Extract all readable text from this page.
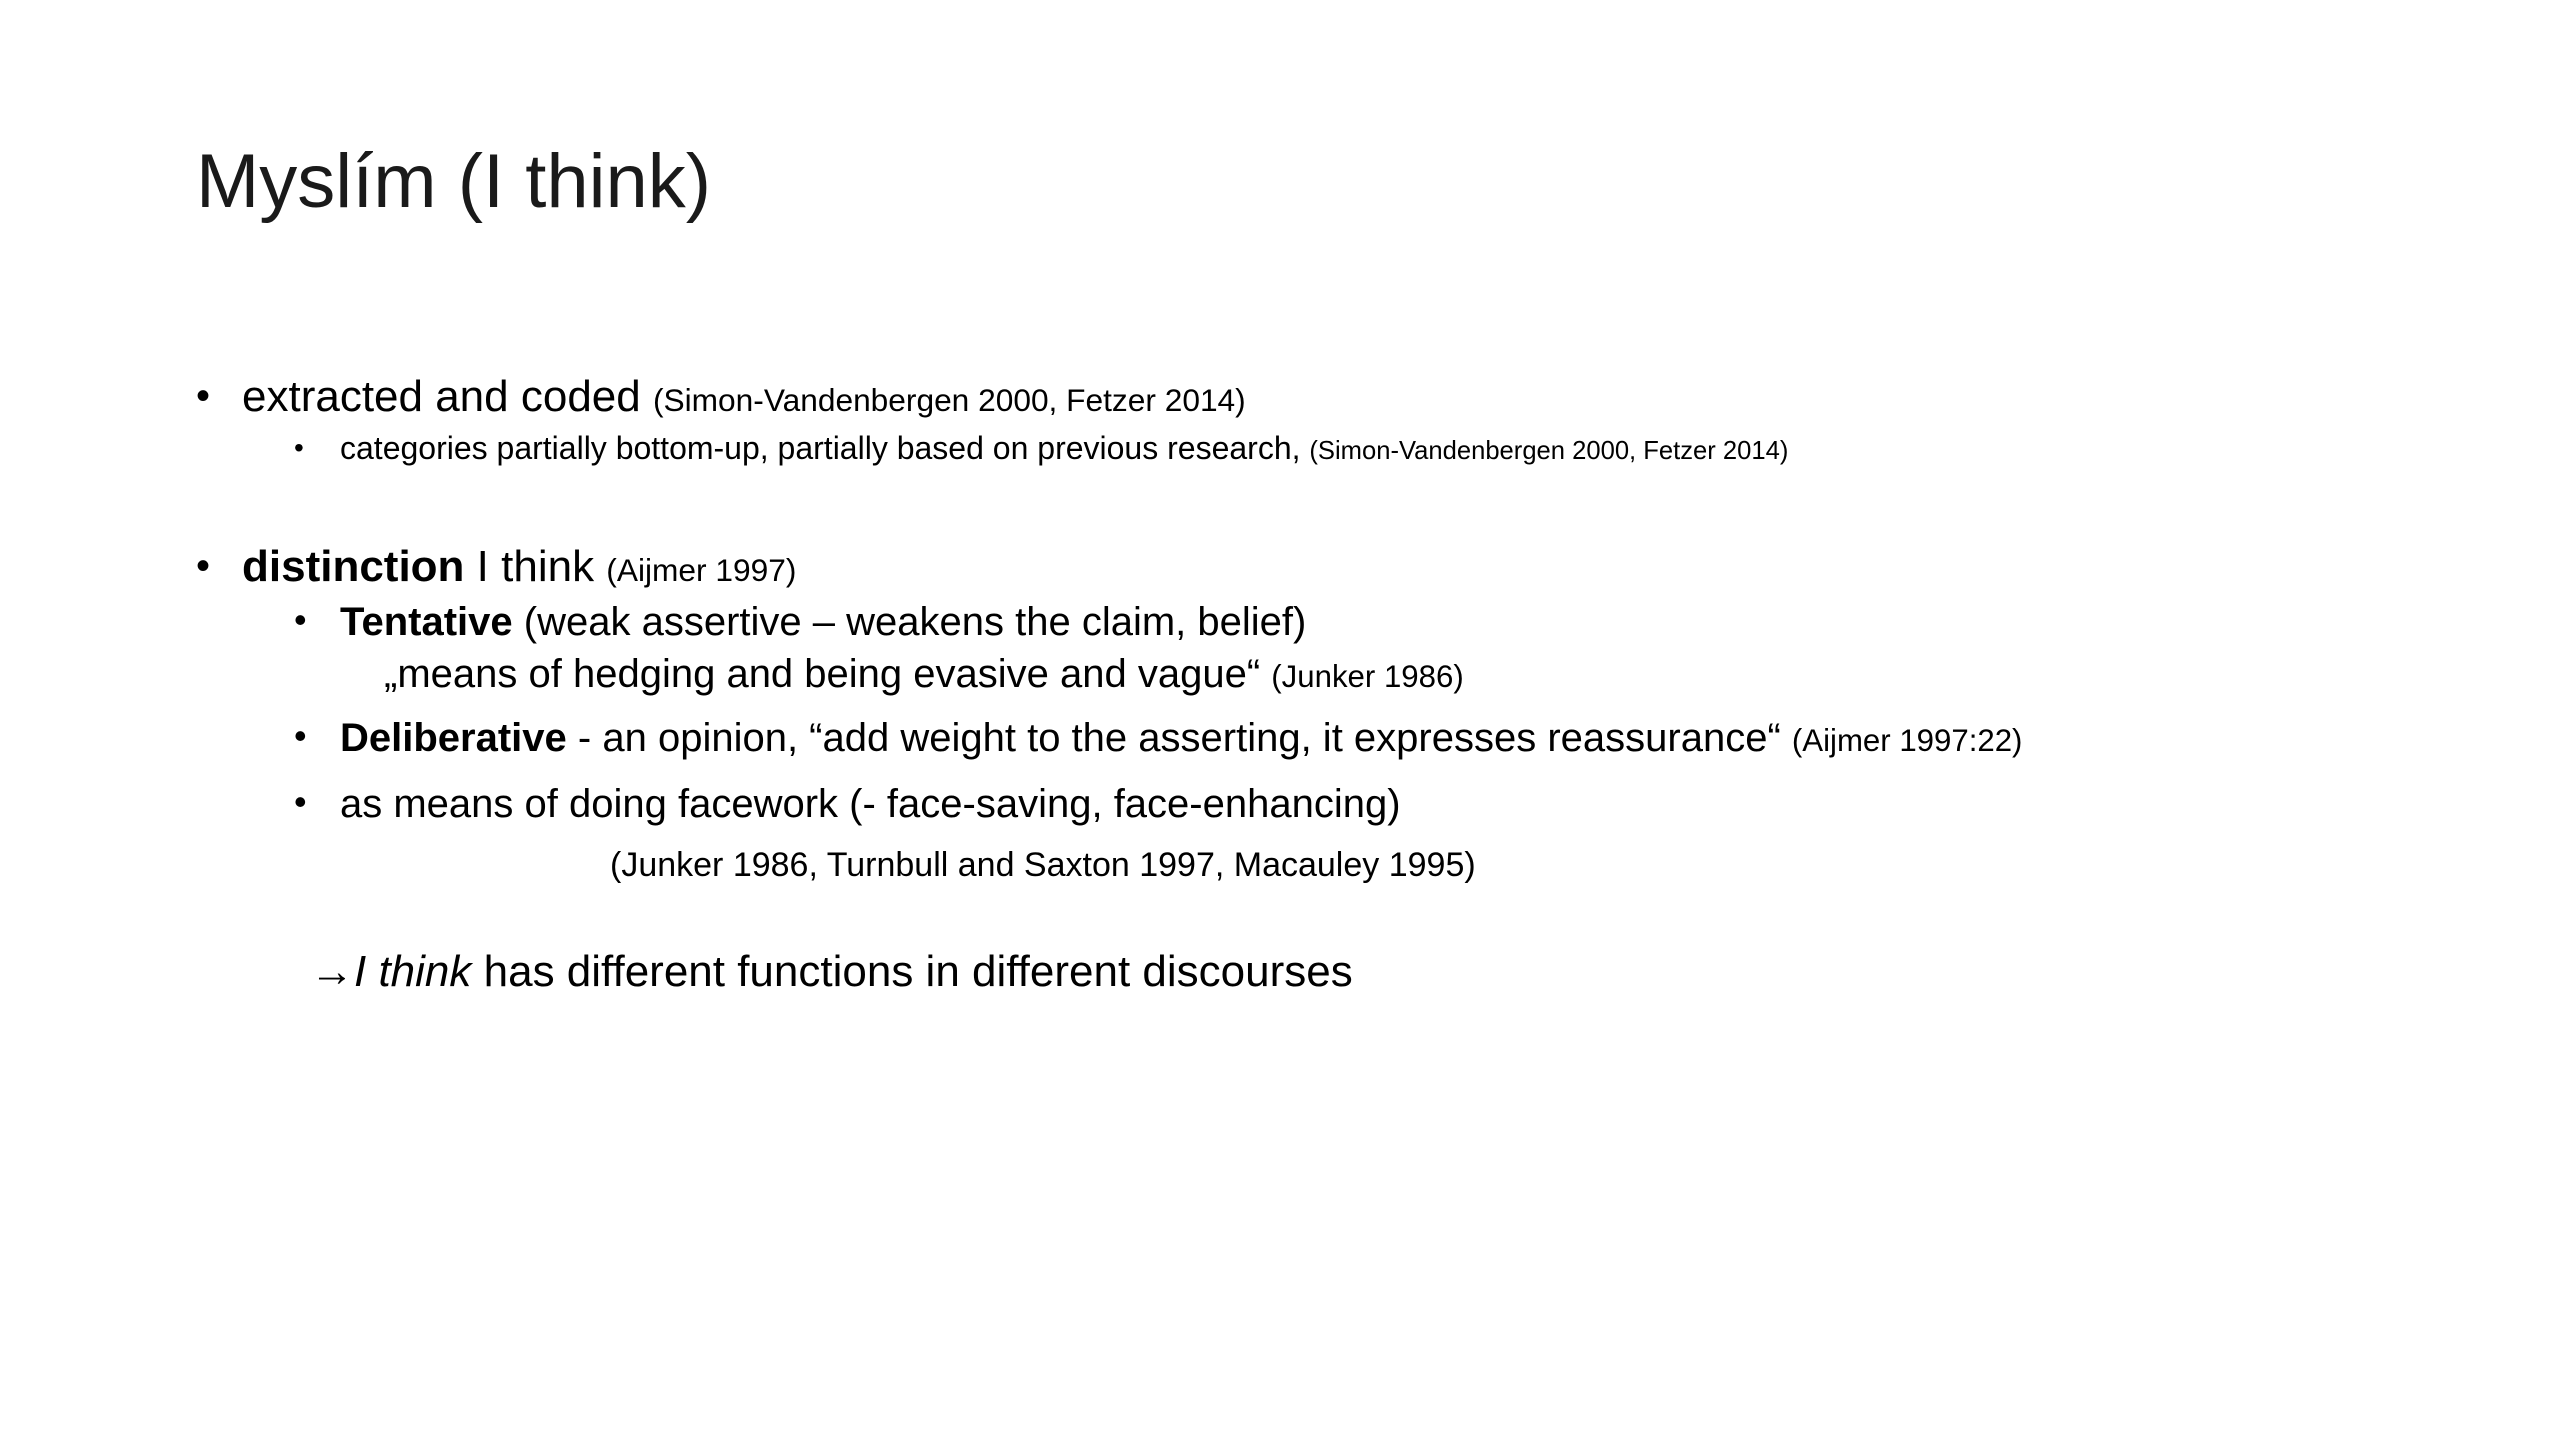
Myslím (I think)
• extracted and coded (Simon-Vandenbergen 2000, Fetzer 2014)
• categories partially bottom-up, partially based on previous research, (Simon-Vandenbergen 2000, Fetzer 2014)
• distinction I think (Aijmer 1997)
• Tentative (weak assertive – weakens the claim, belief)
„means of hedging and being evasive and vague“ (Junker 1986)
• Deliberative - an opinion, “add weight to the asserting, it expresses reassurance“ (Aijmer 1997:22)
• as means of doing facework (- face-saving, face-enhancing)
(Junker 1986, Turnbull and Saxton 1997, Macauley 1995)
→I think has different functions in different discourses
